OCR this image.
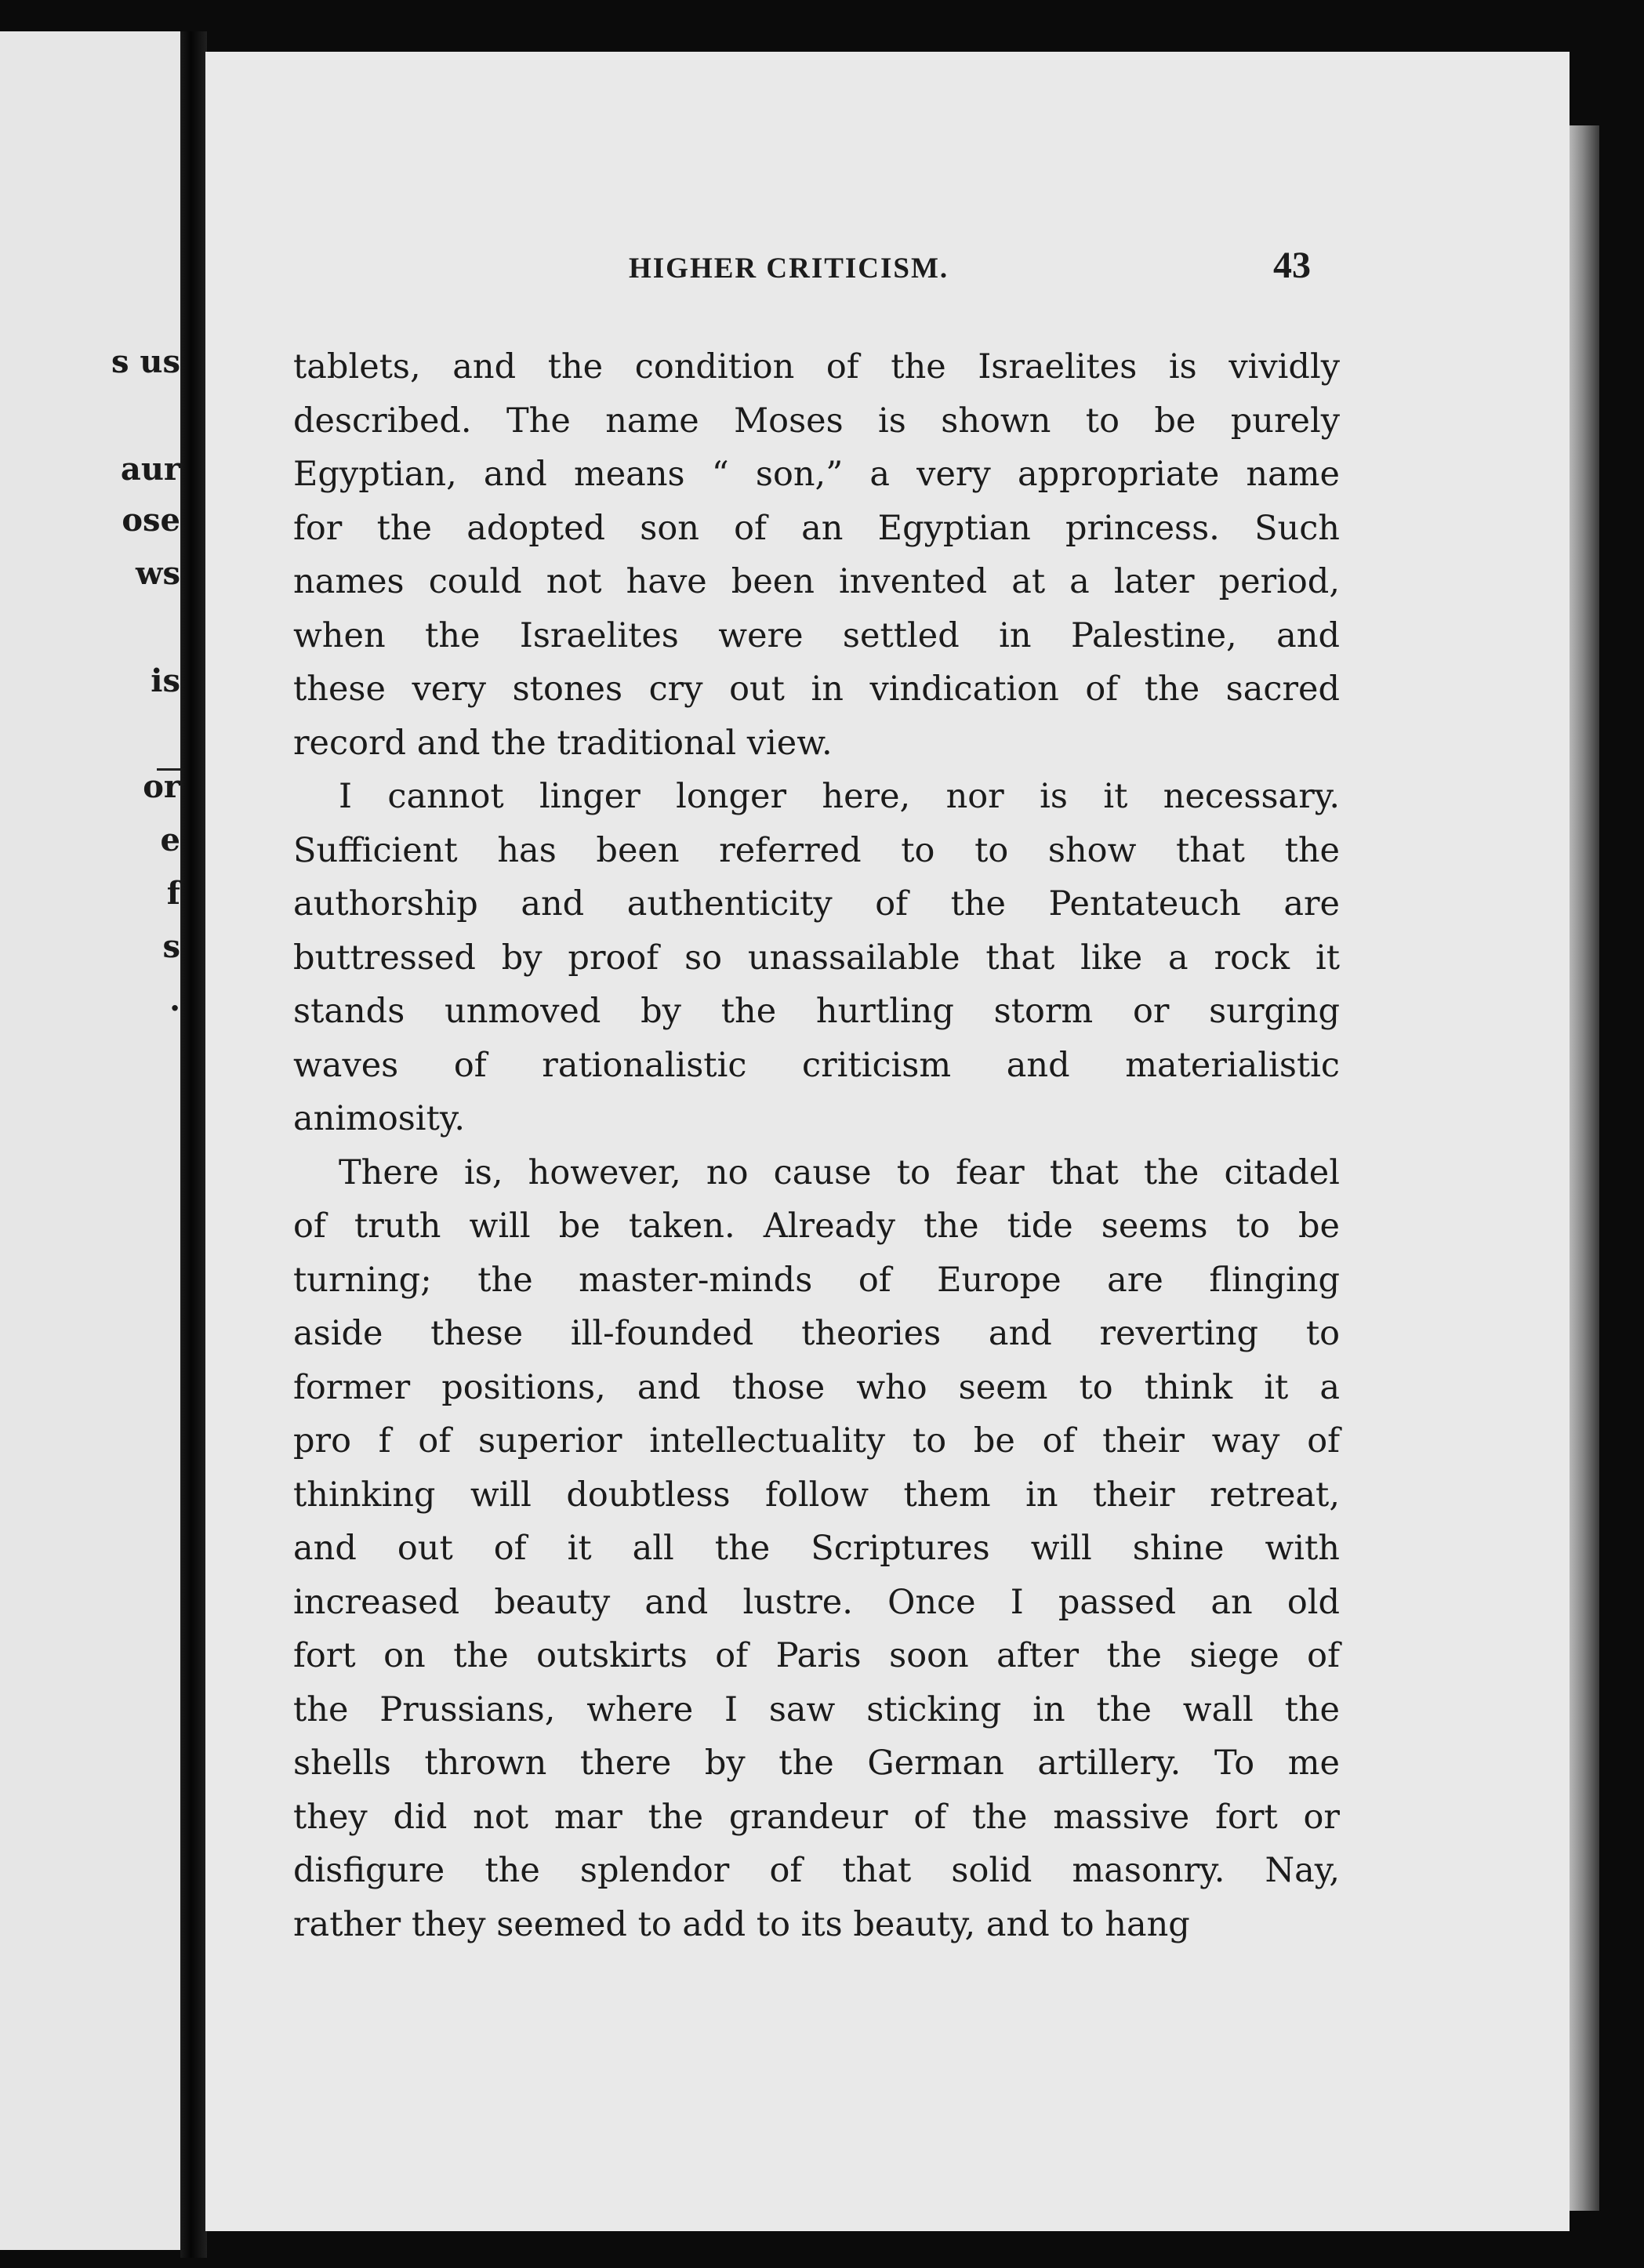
s us
aur
ose
ws
is
or
e
f
s
.
HIGHER CRITICISM.	43
tablets, and the condition of the Israelites is vividly
described. The name Moses is shown to be purely
Egyptian, and means “ son,” a very appropriate name
for the adopted son of an Egyptian princess. Such
names could not have been invented at a later period,
when the Israelites were settled in Palestine, and
these very stones cry out in vindication of the sacred
record and the traditional view.
I cannot linger longer here, nor is it necessary.
Sufficient has been referred to to show that the
authorship and authenticity of the Pentateuch are
buttressed by proof so unassailable that like a rock it
stands unmoved by the hurtling storm or surging
waves of rationalistic criticism and materialistic
animosity.
There is, however, no cause to fear that the citadel
of truth will be taken. Already the tide seems to be
turning; the master-minds of Europe are flinging
aside these ill-founded theories and reverting to
former positions, and those who seem to think it a
pro f of superior intellectuality to be of their way of
thinking will doubtless follow them in their retreat,
and out of it all the Scriptures will shine with
increased beauty and lustre. Once I passed an old
fort on the outskirts of Paris soon after the siege of
the Prussians, where I saw sticking in the wall the
shells thrown there by the German artillery. To me
they did not mar the grandeur of the massive fort or
disfigure the splendor of that solid masonry. Nay,
rather they seemed to add to its beauty, and to hang
